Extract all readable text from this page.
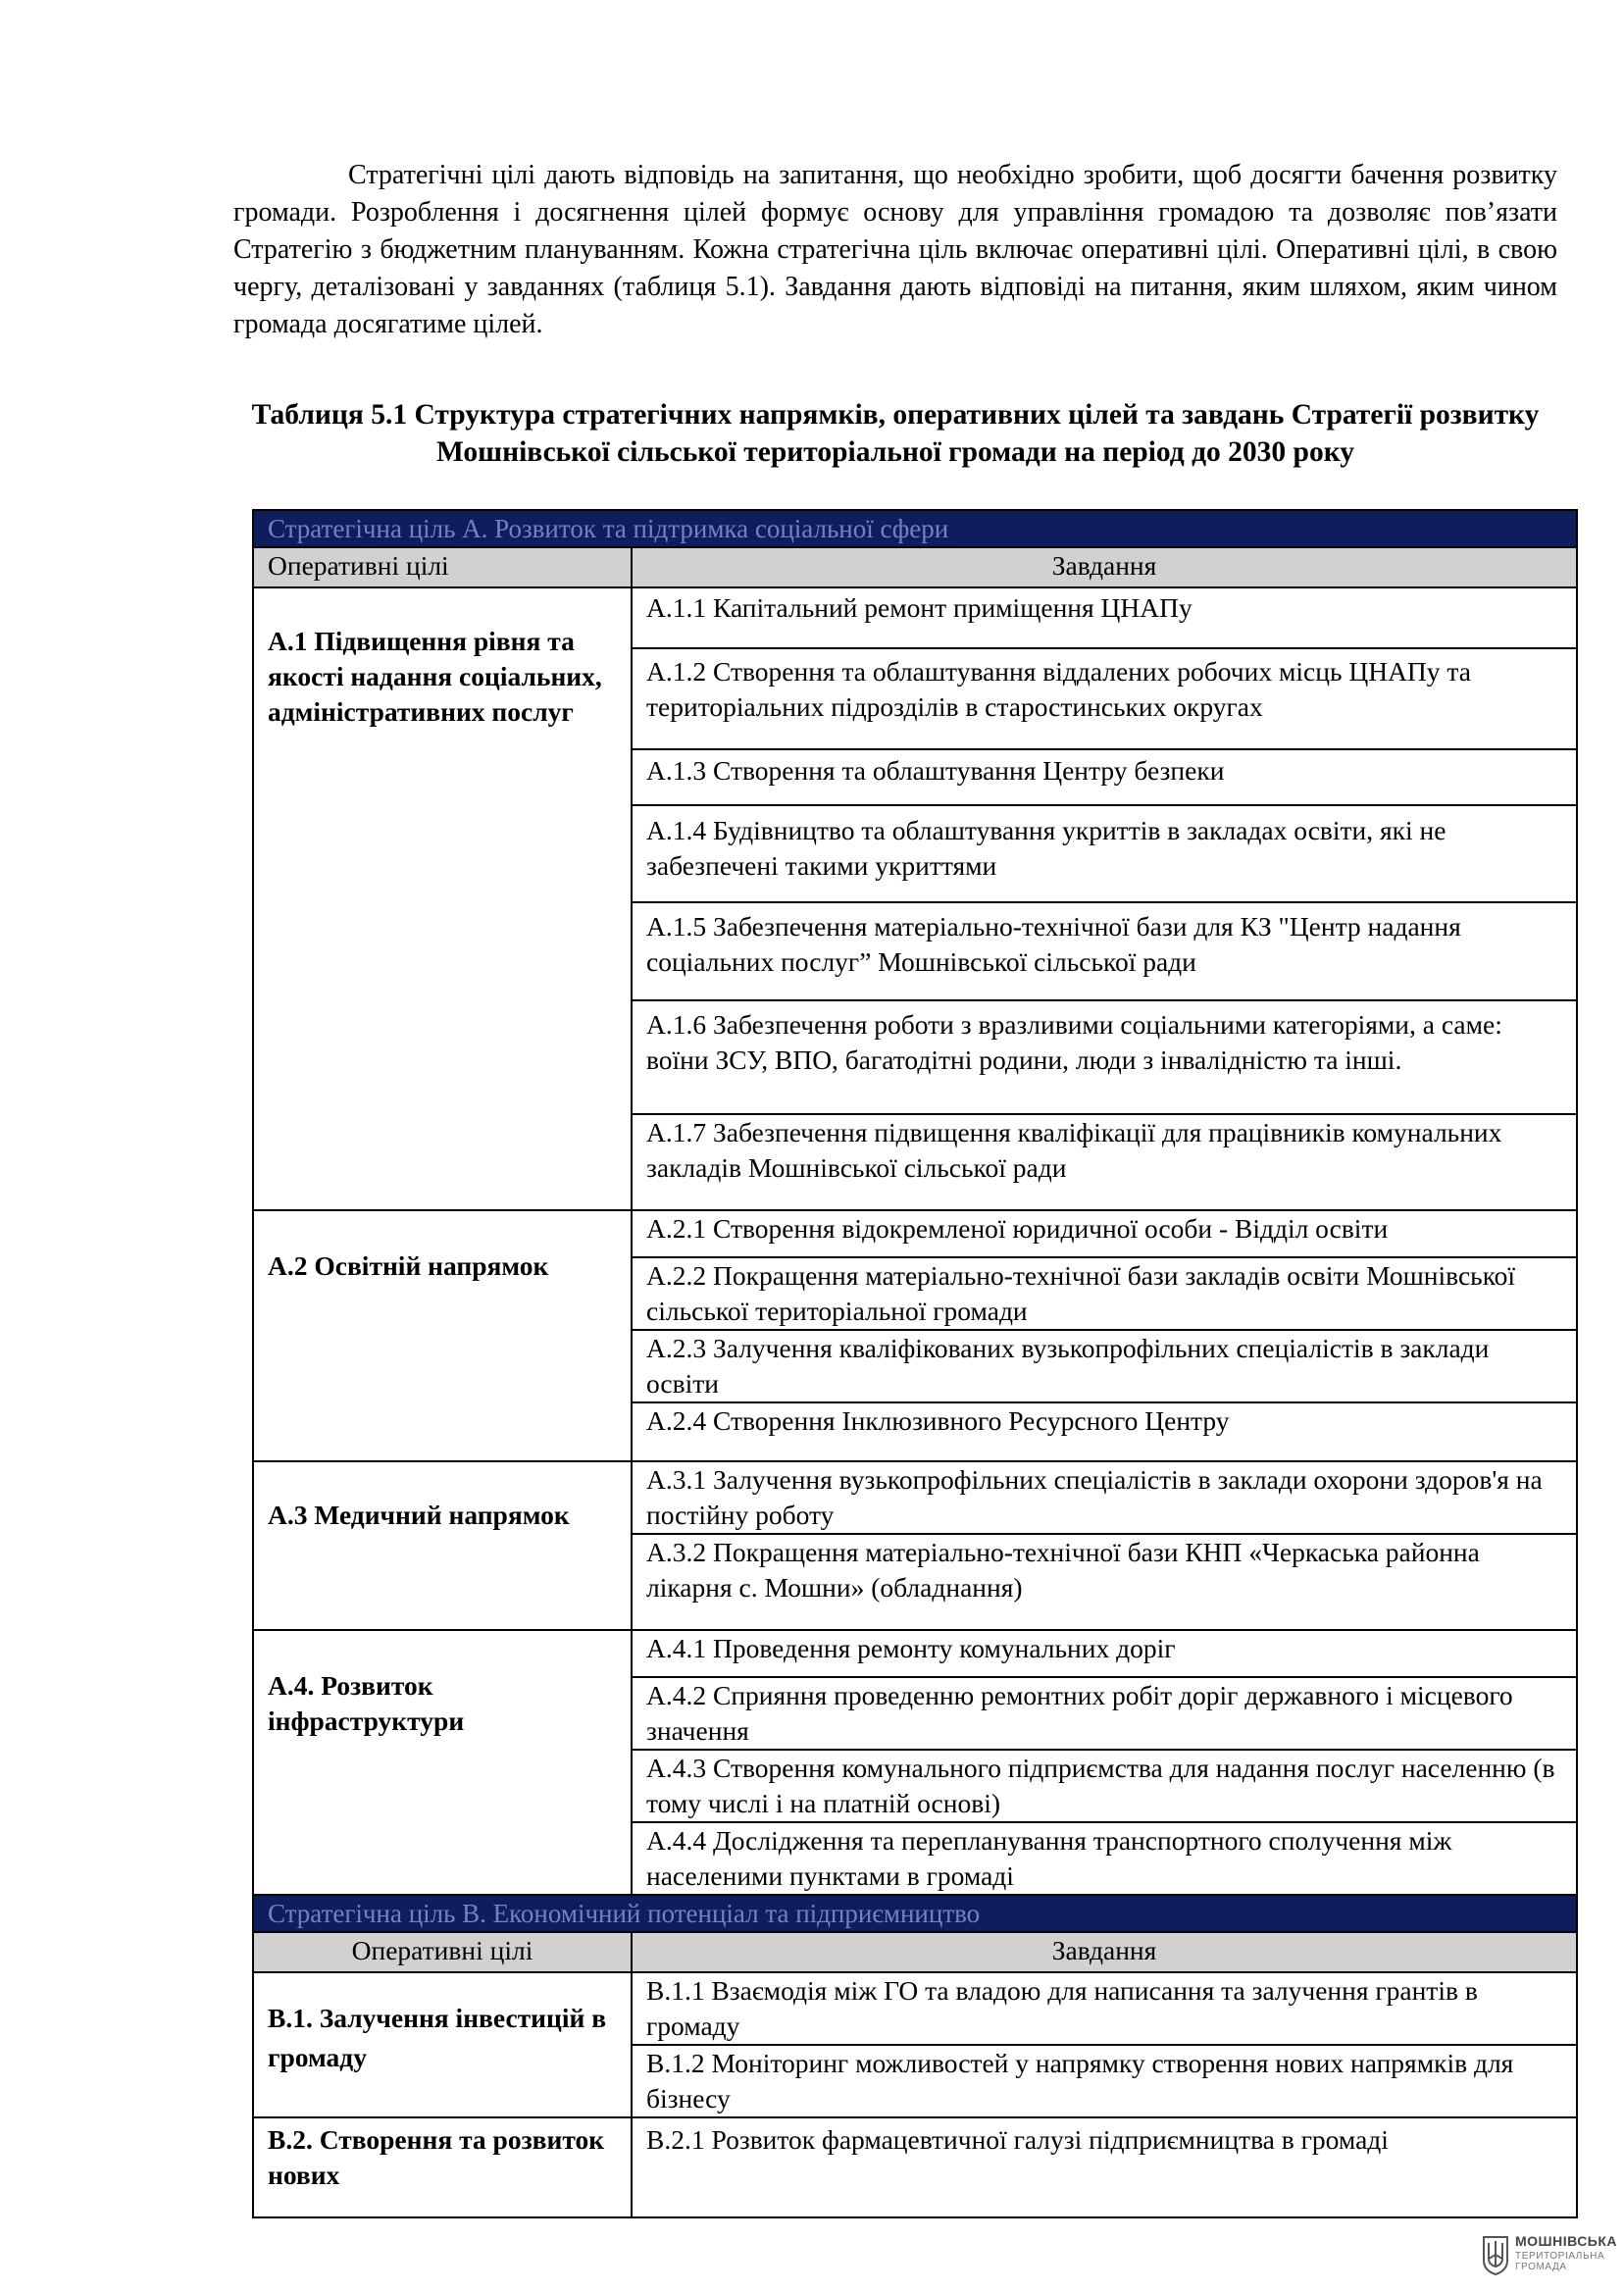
Стратегічні цілі дають відповідь на запитання, що необхідно зробити, щоб досягти бачення розвитку громади. Розроблення і досягнення цілей формує основу для управління громадою та дозволяє пов’язати Стратегію з бюджетним плануванням. Кожна стратегічна ціль включає оперативні цілі. Оперативні цілі, в свою чергу, деталізовані у завданнях (таблиця 5.1). Завдання дають відповіді на питання, яким шляхом, яким чином громада досягатиме цілей.

Таблиця 5.1 Структура стратегічних напрямків, оперативних цілей та завдань Стратегії розвитку Мошнівської сільської територіальної громади на період до 2030 року
Стратегічна ціль А. Розвиток та підтримка соціальної сфери	
Оперативні цілі	Завдання
А.1 Підвищення рівня та якості надання соціальних, адміністративних послуг	А.1.1 Капітальний ремонт приміщення ЦНАПу
	А.1.2 Створення та облаштування віддалених робочих місць ЦНАПу та територіальних підрозділів в старостинських округах
	А.1.3 Створення та облаштування Центру безпеки
	А.1.4 Будівництво та облаштування укриттів в закладах освіти, які не забезпечені такими укриттями
	А.1.5 Забезпечення матеріально-технічної бази для КЗ "Центр надання соціальних послуг” Мошнівської сільської ради
	А.1.6 Забезпечення роботи з вразливими соціальними категоріями, а саме: воїни ЗСУ, ВПО, багатодітні родини, люди з інвалідністю та інші.
	А.1.7 Забезпечення підвищення кваліфікації для працівників комунальних закладів Мошнівської сільської ради
А.2 Освітній напрямок	А.2.1 Створення відокремленої юридичної особи - Відділ освіти
	А.2.2 Покращення матеріально-технічної бази закладів освіти Мошнівської сільської територіальної громади
	А.2.3 Залучення кваліфікованих вузькопрофільних спеціалістів в заклади освіти
	А.2.4 Створення Інклюзивного Ресурсного Центру
А.3 Медичний напрямок	А.3.1 Залучення вузькопрофільних спеціалістів в заклади охорони здоров'я на постійну роботу
	А.3.2 Покращення матеріально-технічної бази КНП «Черкаська районна лікарня с. Мошни» (обладнання)
А.4. Розвиток інфраструктури	А.4.1 Проведення ремонту комунальних доріг
	А.4.2 Сприяння проведенню ремонтних робіт доріг державного і місцевого значення
	А.4.3 Створення комунального підприємства для надання послуг населенню (в тому числі і на платній основі)
	А.4.4 Дослідження та перепланування транспортного сполучення між населеними пунктами в громаді
Стратегічна ціль В. Економічний потенціал та підприємництво	
Оперативні цілі	Завдання
В.1. Залучення інвестицій в громаду	В.1.1 Взаємодія між ГО та владою для написання та залучення грантів в громаду
	В.1.2 Моніторинг можливостей у напрямку створення нових напрямків для бізнесу
В.2. Створення та розвиток нових	В.2.1 Розвиток фармацевтичної галузі підприємництва в громаді
МОШНІВСЬКА
ТЕРИТОРІАЛЬНА
ГРОМАДА
